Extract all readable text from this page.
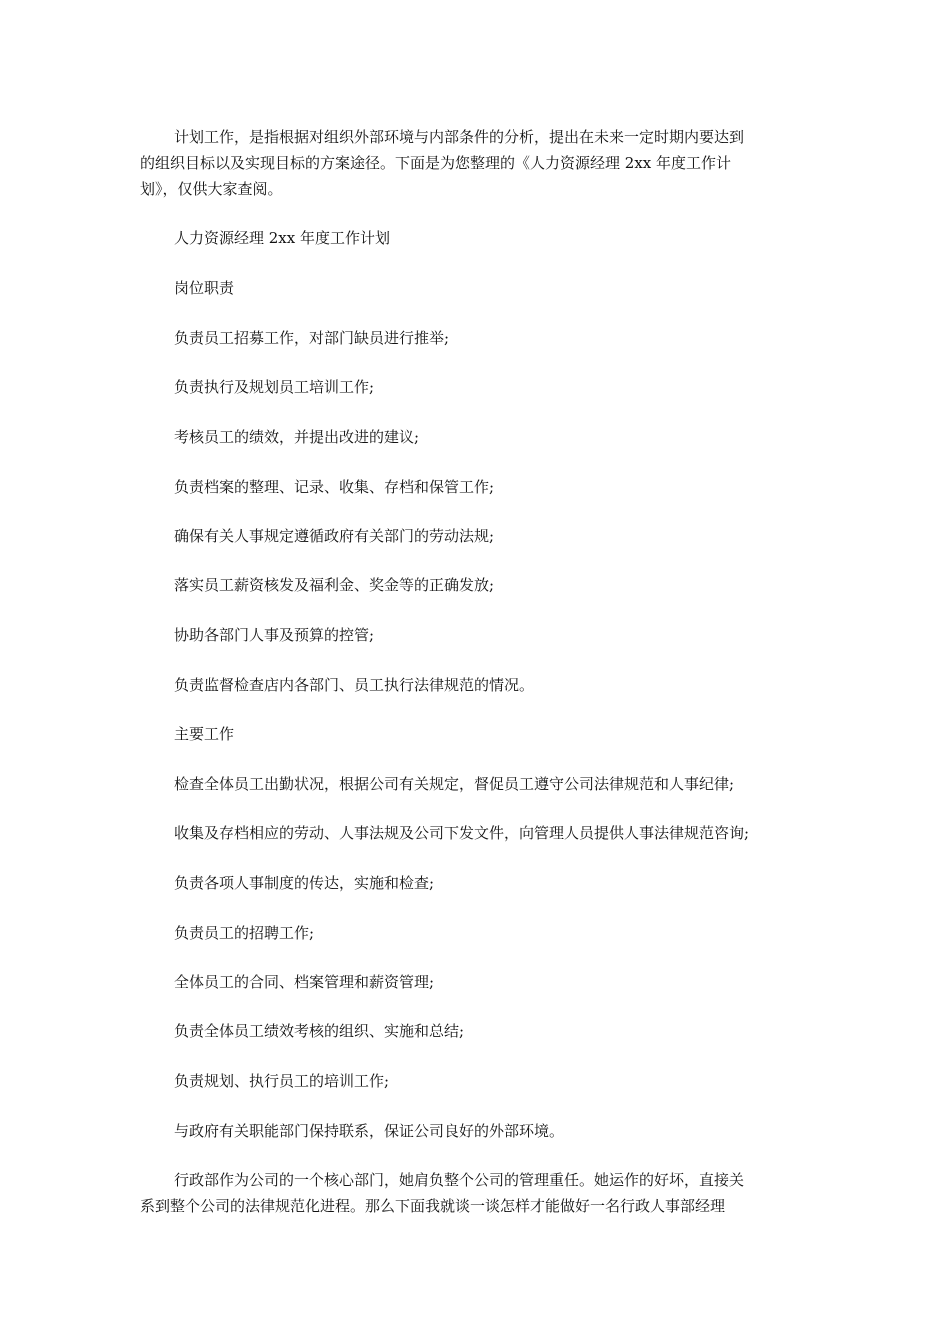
计划工作，是指根据对组织外部环境与内部条件的分析，提出在未来一定时期内要达到
的组织目标以及实现目标的方案途径。下面是为您整理的《人力资源经理 2xx 年度工作计
划》，仅供大家查阅。
人力资源经理 2xx 年度工作计划
岗位职责
负责员工招募工作，对部门缺员进行推举;
负责执行及规划员工培训工作;
考核员工的绩效，并提出改进的建议;
负责档案的整理、记录、收集、存档和保管工作;
确保有关人事规定遵循政府有关部门的劳动法规;
落实员工薪资核发及福利金、奖金等的正确发放;
协助各部门人事及预算的控管;
负责监督检查店内各部门、员工执行法律规范的情况。
主要工作
检查全体员工出勤状况，根据公司有关规定，督促员工遵守公司法律规范和人事纪律;
收集及存档相应的劳动、人事法规及公司下发文件，向管理人员提供人事法律规范咨询;
负责各项人事制度的传达，实施和检查;
负责员工的招聘工作;
全体员工的合同、档案管理和薪资管理;
负责全体员工绩效考核的组织、实施和总结;
负责规划、执行员工的培训工作;
与政府有关职能部门保持联系，保证公司良好的外部环境。
行政部作为公司的一个核心部门，她肩负整个公司的管理重任。她运作的好坏，直接关
系到整个公司的法律规范化进程。那么下面我就谈一谈怎样才能做好一名行政人事部经理
